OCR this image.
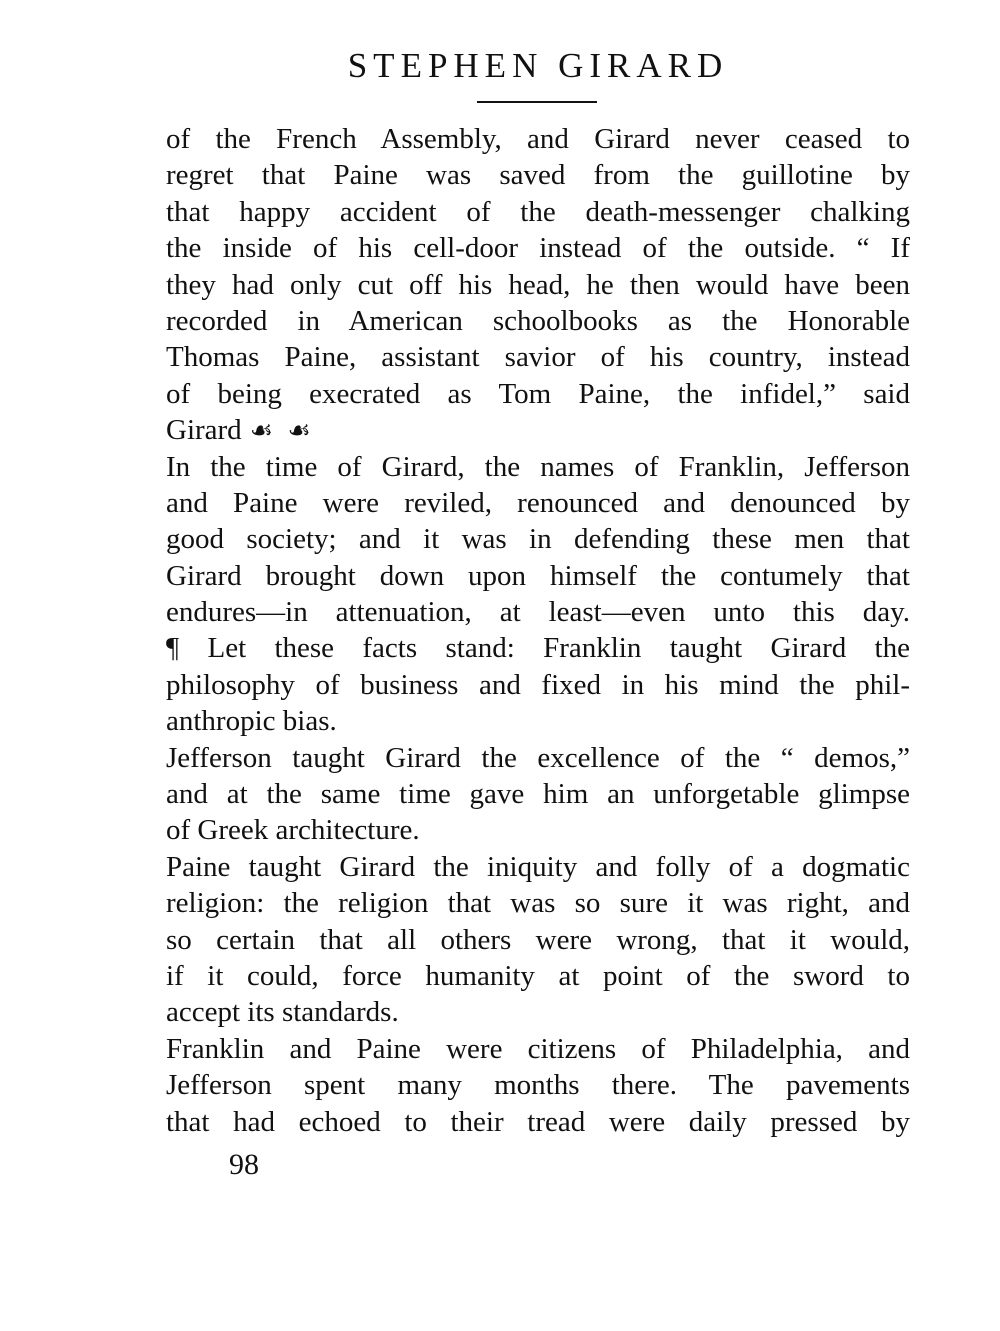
STEPHEN GIRARD
of the French Assembly, and Girard never ceased to
regret that Paine was saved from the guillotine by
that happy accident of the death-messenger chalking
the inside of his cell-door instead of the outside. “ If
they had only cut off his head, he then would have been
recorded in American schoolbooks as the Honorable
Thomas Paine, assistant savior of his country, instead
of being execrated as Tom Paine, the infidel,” said
Girard ☙ ☙
In the time of Girard, the names of Franklin, Jefferson
and Paine were reviled, renounced and denounced by
good society; and it was in defending these men that
Girard brought down upon himself the contumely that
endures—in attenuation, at least—even unto this day.
¶ Let these facts stand: Franklin taught Girard the
philosophy of business and fixed in his mind the phil-
anthropic bias.
Jefferson taught Girard the excellence of the “ demos,”
and at the same time gave him an unforgetable glimpse
of Greek architecture.
Paine taught Girard the iniquity and folly of a dogmatic
religion: the religion that was so sure it was right, and
so certain that all others were wrong, that it would,
if it could, force humanity at point of the sword to
accept its standards.
Franklin and Paine were citizens of Philadelphia, and
Jefferson spent many months there. The pavements
that had echoed to their tread were daily pressed by
98
